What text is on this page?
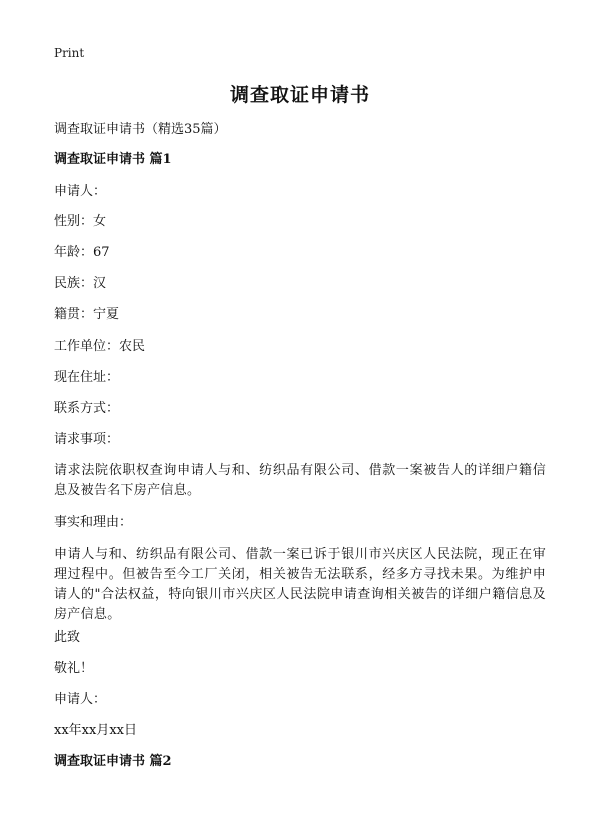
Print
调查取证申请书
调查取证申请书（精选35篇）
调查取证申请书 篇1
申请人：
性别：女
年龄：67
民族：汉
籍贯：宁夏
工作单位：农民
现在住址：
联系方式：
请求事项：
请求法院依职权查询申请人与和、纺织品有限公司、借款一案被告人的详细户籍信息及被告名下房产信息。
事实和理由：
申请人与和、纺织品有限公司、借款一案已诉于银川市兴庆区人民法院，现正在审理过程中。但被告至今工厂关闭，相关被告无法联系，经多方寻找未果。为维护申请人的"合法权益，特向银川市兴庆区人民法院申请查询相关被告的详细户籍信息及房产信息。
此致
敬礼！
申请人：
xx年xx月xx日
调查取证申请书 篇2
